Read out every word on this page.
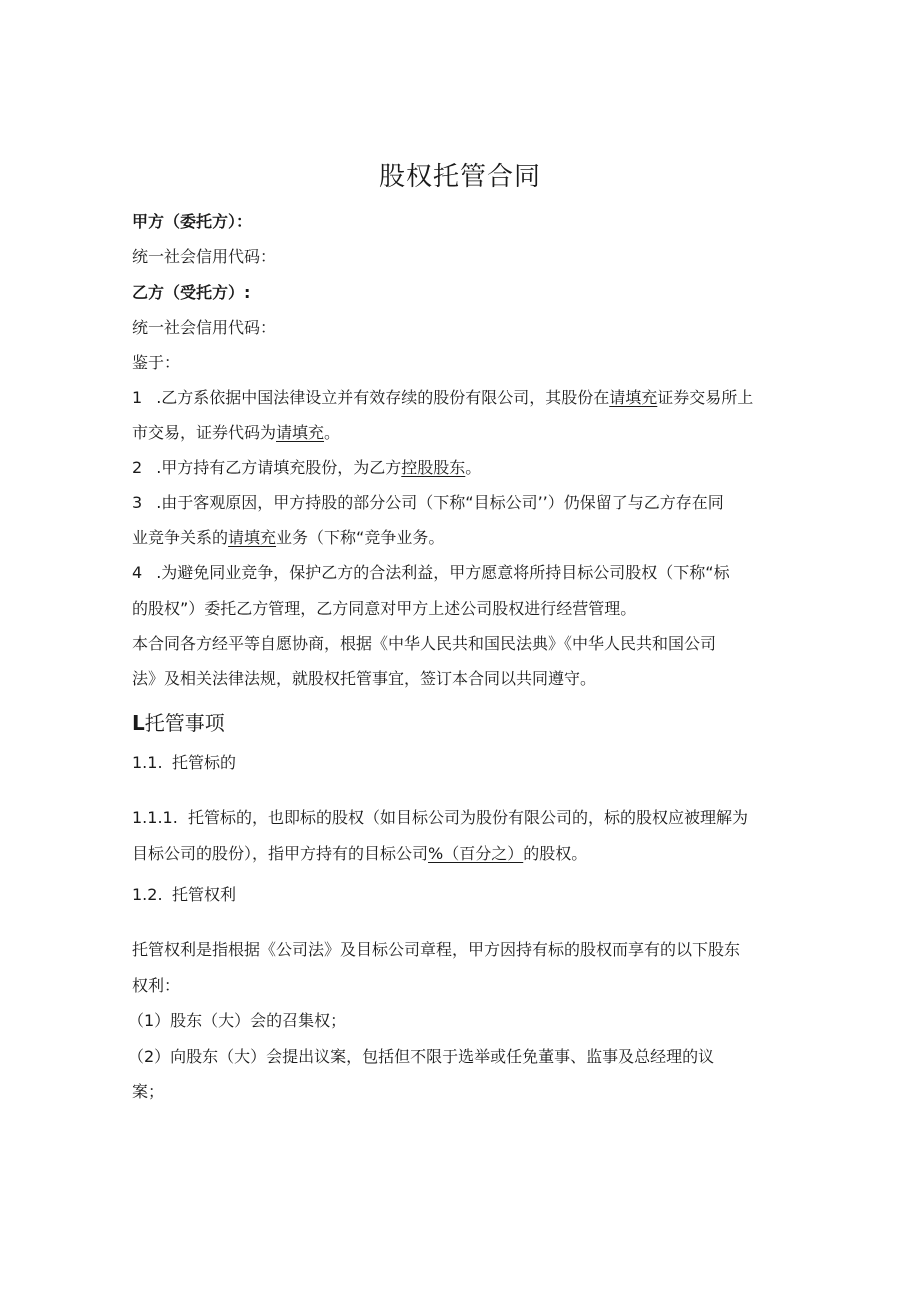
股权托管合同
甲方（委托方）：
统一社会信用代码：
乙方（受托方）:
统一社会信用代码：
鉴于：
1 .乙方系依据中国法律设立并有效存续的股份有限公司，其股份在请填充证券交易所上
市交易，证券代码为请填充。
2 .甲方持有乙方请填充股份，为乙方控股股东。
3 .由于客观原因，甲方持股的部分公司（下称“目标公司’’）仍保留了与乙方存在同
业竞争关系的请填充业务（下称“竞争业务。
4 .为避免同业竞争，保护乙方的合法利益，甲方愿意将所持目标公司股权（下称“标
的股权”）委托乙方管理，乙方同意对甲方上述公司股权进行经营管理。
本合同各方经平等自愿协商，根据《中华人民共和国民法典》《中华人民共和国公司
法》及相关法律法规，就股权托管事宜，签订本合同以共同遵守。
L托管事项
1.1. 托管标的
1.1.1. 托管标的，也即标的股权（如目标公司为股份有限公司的，标的股权应被理解为
目标公司的股份），指甲方持有的目标公司%（百分之）的股权。
1.2. 托管权利
托管权利是指根据《公司法》及目标公司章程，甲方因持有标的股权而享有的以下股东
权利：
（1）股东（大）会的召集权；
（2）向股东（大）会提出议案，包括但不限于选举或任免董事、监事及总经理的议
案；
